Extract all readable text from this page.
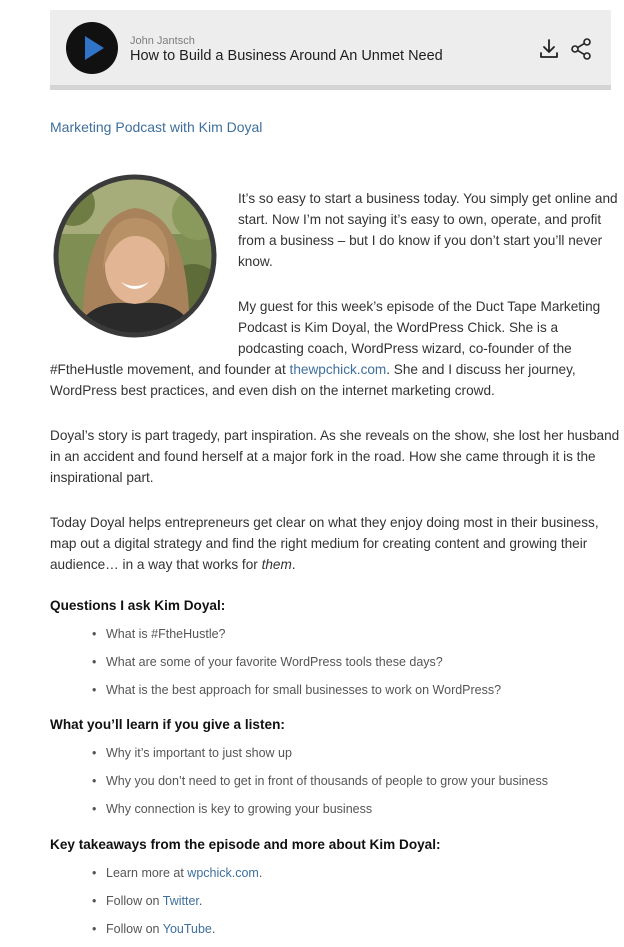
John Jantsch
How to Build a Business Around An Unmet Need
Marketing Podcast with Kim Doyal
It’s so easy to start a business today. You simply get online and
start. Now I’m not saying it’s easy to own, operate, and profit
from a business – but I do know if you don’t start you’ll never
know.
My guest for this week’s episode of the Duct Tape Marketing
Podcast is Kim Doyal, the WordPress Chick. She is a
podcasting coach, WordPress wizard, co-founder of the
#FtheHustle movement, and founder at thewpchick.com. She and I discuss her journey,
WordPress best practices, and even dish on the internet marketing crowd.
Doyal’s story is part tragedy, part inspiration. As she reveals on the show, she lost her husband
in an accident and found herself at a major fork in the road. How she came through it is the
inspirational part.
Today Doyal helps entrepreneurs get clear on what they enjoy doing most in their business,
map out a digital strategy and find the right medium for creating content and growing their
audience… in a way that works for them.
Questions I ask Kim Doyal:
• What is #FtheHustle?
• What are some of your favorite WordPress tools these days?
• What is the best approach for small businesses to work on WordPress?
What you’ll learn if you give a listen:
• Why it’s important to just show up
• Why you don’t need to get in front of thousands of people to grow your business
• Why connection is key to growing your business
Key takeaways from the episode and more about Kim Doyal:
• Learn more at wpchick.com.
• Follow on Twitter.
• Follow on YouTube.
